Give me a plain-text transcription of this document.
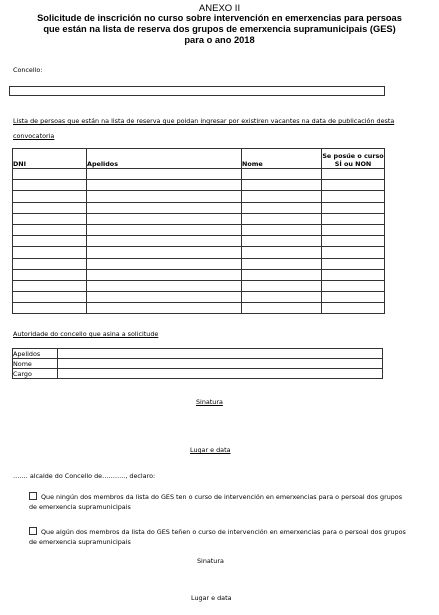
ANEXO II
Solicitude de inscrición no curso sobre intervención en emerxencias para persoas
que están na lista de reserva dos grupos de emerxencia supramunicipais (GES)
para o ano 2018
Concello:
Lista de persoas que están na lista de reserva que poidan ingresar por existiren vacantes na data de publicación desta convocatoria
DNI	Apelidos	Nome	Se posúe o curso SÍ ou NON

Autoridade do concello que asina a solicitude
Apelidos	
Nome	
Cargo	
Sinatura
Lugar e data
……. alcalde do Concello de……….., declaro:
Que ningún dos membros da lista do GES ten o curso de intervención en emerxencias para o persoal dos grupos de emerxencia supramunicipais
Que algún dos membros da lista do GES teñen o curso de intervención en emerxencias para o persoal dos grupos de emerxencia supramunicipais
Sinatura
Lugar e data
